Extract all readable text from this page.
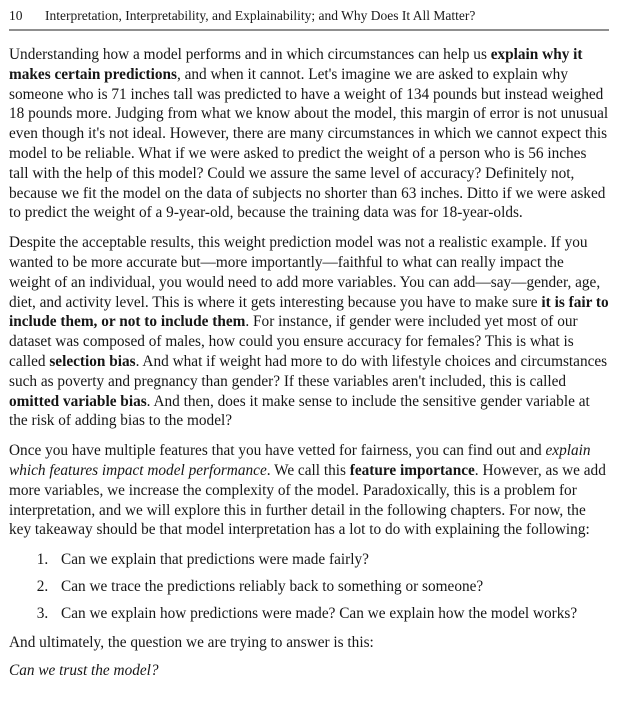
10	Interpretation, Interpretability, and Explainability; and Why Does It All Matter?

Understanding how a model performs and in which circumstances can help us explain why it makes certain predictions, and when it cannot. Let's imagine we are asked to explain why someone who is 71 inches tall was predicted to have a weight of 134 pounds but instead weighed 18 pounds more. Judging from what we know about the model, this margin of error is not unusual even though it's not ideal. However, there are many circumstances in which we cannot expect this model to be reliable. What if we were asked to predict the weight of a person who is 56 inches tall with the help of this model? Could we assure the same level of accuracy? Definitely not, because we fit the model on the data of subjects no shorter than 63 inches. Ditto if we were asked to predict the weight of a 9-year-old, because the training data was for 18-year-olds.

Despite the acceptable results, this weight prediction model was not a realistic example. If you wanted to be more accurate but—more importantly—faithful to what can really impact the weight of an individual, you would need to add more variables. You can add—say—gender, age, diet, and activity level. This is where it gets interesting because you have to make sure it is fair to include them, or not to include them. For instance, if gender were included yet most of our dataset was composed of males, how could you ensure accuracy for females? This is what is called selection bias. And what if weight had more to do with lifestyle choices and circumstances such as poverty and pregnancy than gender? If these variables aren't included, this is called omitted variable bias. And then, does it make sense to include the sensitive gender variable at the risk of adding bias to the model?

Once you have multiple features that you have vetted for fairness, you can find out and explain which features impact model performance. We call this feature importance. However, as we add more variables, we increase the complexity of the model. Paradoxically, this is a problem for interpretation, and we will explore this in further detail in the following chapters. For now, the key takeaway should be that model interpretation has a lot to do with explaining the following:

1. Can we explain that predictions were made fairly?
2. Can we trace the predictions reliably back to something or someone?
3. Can we explain how predictions were made? Can we explain how the model works?

And ultimately, the question we are trying to answer is this:

Can we trust the model?
